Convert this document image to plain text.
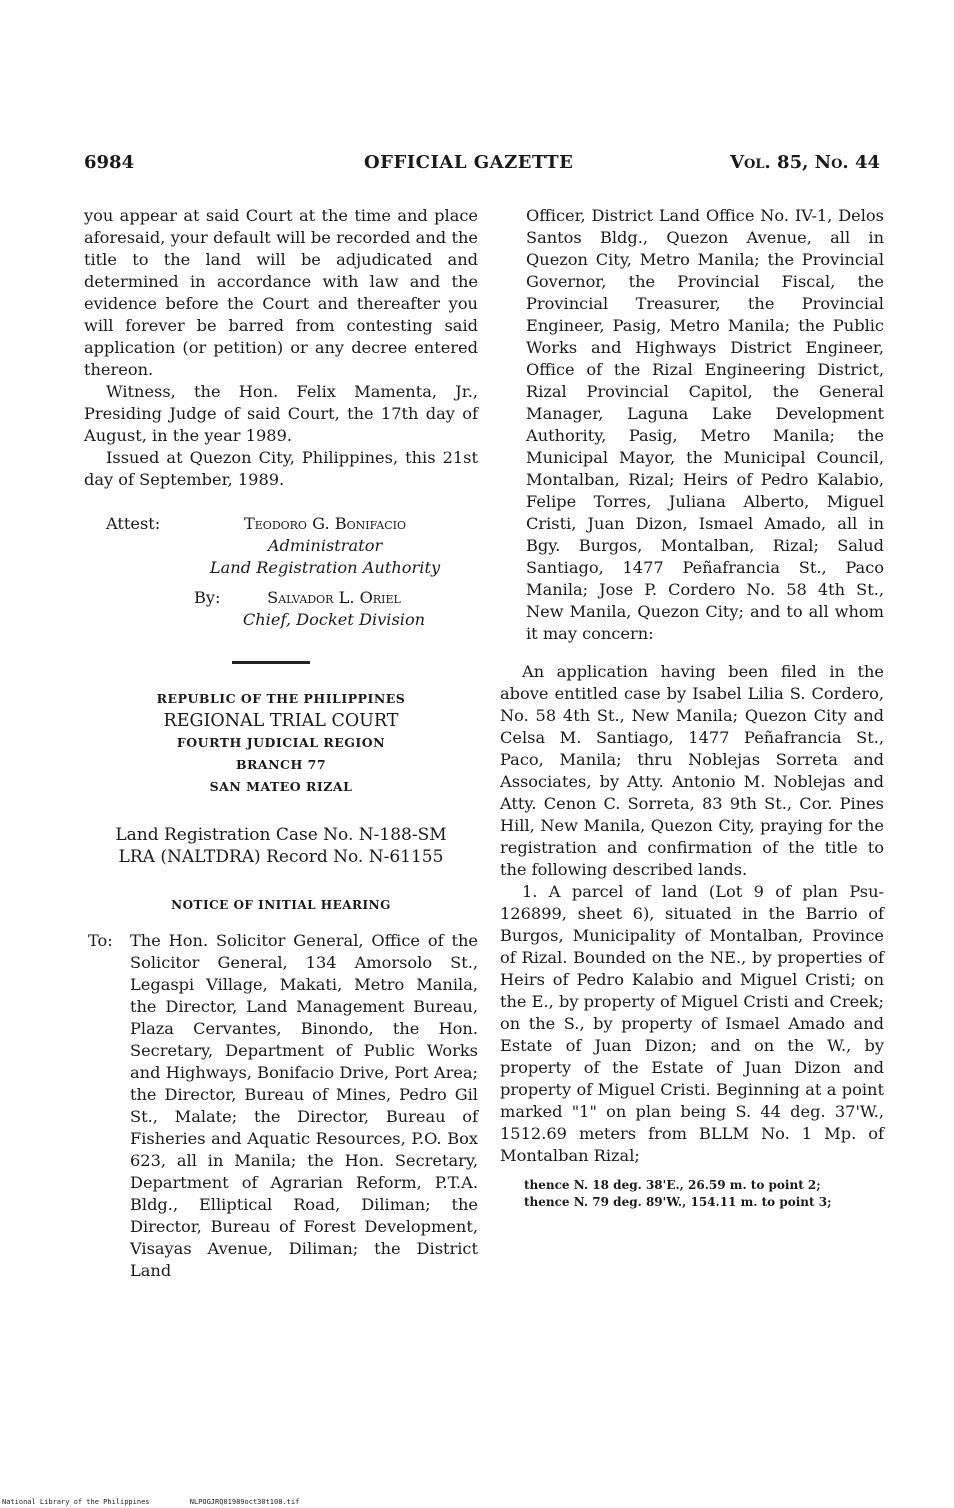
6984	OFFICIAL GAZETTE	Vol. 85, No. 44

you appear at said Court at the time and place aforesaid, your default will be recorded and the title to the land will be adjudicated and determined in accordance with law and the evidence before the Court and thereafter you will forever be barred from contesting said application (or petition) or any decree entered thereon.

Witness, the Hon. Felix Mamenta, Jr., Presiding Judge of said Court, the 17th day of August, in the year 1989.

Issued at Quezon City, Philippines, this 21st day of September, 1989.

Attest:	Teodoro G. Bonifacio
Administrator
Land Registration Authority
By:	Salvador L. Oriel
Chief, Docket Division
REPUBLIC OF THE PHILIPPINES
REGIONAL TRIAL COURT
FOURTH JUDICIAL REGION
BRANCH 77
SAN MATEO RIZAL
Land Registration Case No. N-188-SM
LRA (NALTDRA) Record No. N-61155
NOTICE OF INITIAL HEARING
To: The Hon. Solicitor General, Office of the Solicitor General, 134 Amorsolo St., Legaspi Village, Makati, Metro Manila, the Director, Land Management Bureau, Plaza Cervantes, Binondo, the Hon. Secretary, Department of Public Works and Highways, Bonifacio Drive, Port Area; the Director, Bureau of Mines, Pedro Gil St., Malate; the Director, Bureau of Fisheries and Aquatic Resources, P.O. Box 623, all in Manila; the Hon. Secretary, Department of Agrarian Reform, P.T.A. Bldg., Elliptical Road, Diliman; the Director, Bureau of Forest Development, Visayas Avenue, Diliman; the District Land

Officer, District Land Office No. IV-1, Delos Santos Bldg., Quezon Avenue, all in Quezon City, Metro Manila; the Provincial Governor, the Provincial Fiscal, the Provincial Treasurer, the Provincial Engineer, Pasig, Metro Manila; the Public Works and Highways District Engineer, Office of the Rizal Engineering District, Rizal Provincial Capitol, the General Manager, Laguna Lake Development Authority, Pasig, Metro Manila; the Municipal Mayor, the Municipal Council, Montalban, Rizal; Heirs of Pedro Kalabio, Felipe Torres, Juliana Alberto, Miguel Cristi, Juan Dizon, Ismael Amado, all in Bgy. Burgos, Montalban, Rizal; Salud Santiago, 1477 Peñafrancia St., Paco Manila; Jose P. Cordero No. 58 4th St., New Manila, Quezon City; and to all whom it may concern:

An application having been filed in the above entitled case by Isabel Lilia S. Cordero, No. 58 4th St., New Manila; Quezon City and Celsa M. Santiago, 1477 Peñafrancia St., Paco, Manila; thru Noblejas Sorreta and Associates, by Atty. Antonio M. Noblejas and Atty. Cenon C. Sorreta, 83 9th St., Cor. Pines Hill, New Manila, Quezon City, praying for the registration and confirmation of the title to the following described lands.

1. A parcel of land (Lot 9 of plan Psu-126899, sheet 6), situated in the Barrio of Burgos, Municipality of Montalban, Province of Rizal. Bounded on the NE., by properties of Heirs of Pedro Kalabio and Miguel Cristi; on the E., by property of Miguel Cristi and Creek; on the S., by property of Ismael Amado and Estate of Juan Dizon; and on the W., by property of the Estate of Juan Dizon and property of Miguel Cristi. Beginning at a point marked "1" on plan being S. 44 deg. 37'W., 1512.69 meters from BLLM No. 1 Mp. of Montalban Rizal;

thence N. 18 deg. 38'E., 26.59 m. to point 2;
thence N. 79 deg. 89'W., 154.11 m. to point 3;
National Library of the Philippines	NLPOGJRQ01989oct30t108.tif
